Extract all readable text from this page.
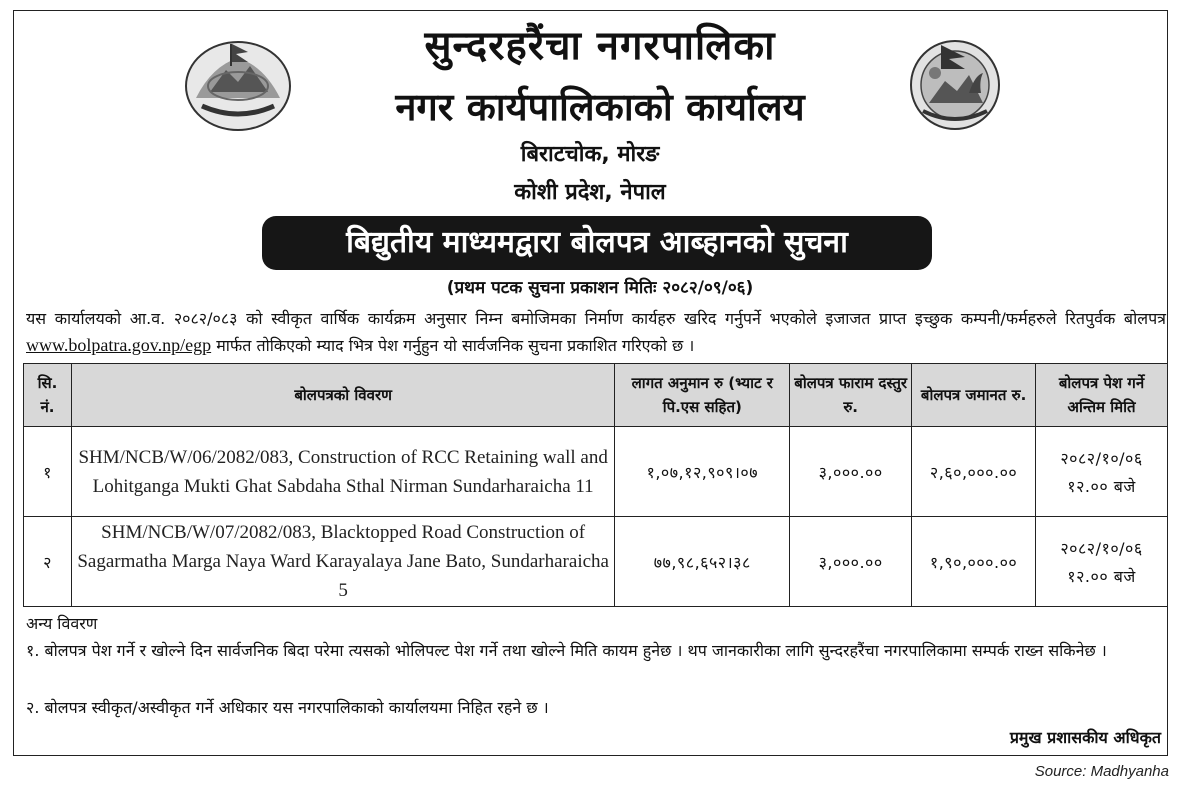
सुन्दरहरैंचा नगरपालिका
नगर कार्यपालिकाको कार्यालय
बिराटचोक, मोरङ
कोशी प्रदेश, नेपाल
बिद्युतीय माध्यमद्वारा बोलपत्र आब्हानको सुचना
(प्रथम पटक सुचना प्रकाशन मितिः २०८२/०९/०६)
यस कार्यालयको आ.व. २०८२/०८३ को स्वीकृत वार्षिक कार्यक्रम अनुसार निम्न बमोजिमका निर्माण कार्यहरु खरिद गर्नुपर्ने भएकोले इजाजत प्राप्त इच्छुक कम्पनी/फर्महरुले रितपुर्वक बोलपत्र www.bolpatra.gov.np/egp मार्फत तोकिएको म्याद भित्र पेश गर्नुहुन यो सार्वजनिक सुचना प्रकाशित गरिएको छ ।
सि. नं.	बोलपत्रको विवरण	लागत अनुमान रु (भ्याट र पि.एस सहित)	बोलपत्र फाराम दस्तुर रु.	बोलपत्र जमानत रु.	बोलपत्र पेश गर्ने अन्तिम मिति
१	SHM/NCB/W/06/2082/083, Construction of RCC Retaining wall and Lohitganga Mukti Ghat Sabdaha Sthal Nirman Sundarharaicha 11	१,०७,१२,९०९।०७	३,०००.००	२,६०,०००.००	२०८२/१०/०६
१२.०० बजे

२	SHM/NCB/W/07/2082/083, Blacktopped Road Construction of Sagarmatha Marga Naya Ward Karayalaya Jane Bato, Sundarharaicha 5	७७,९८,६५२।३८	३,०००.००	१,९०,०००.००	२०८२/१०/०६
१२.०० बजे
अन्य विवरण
१. बोलपत्र पेश गर्ने र खोल्ने दिन सार्वजनिक बिदा परेमा त्यसको भोलिपल्ट पेश गर्ने तथा खोल्ने मिति कायम हुनेछ । थप जानकारीका लागि सुन्दरहरैंचा नगरपालिकामा सम्पर्क राख्न सकिनेछ ।
२. बोलपत्र स्वीकृत/अस्वीकृत गर्ने अधिकार यस नगरपालिकाको कार्यालयमा निहित रहने छ ।
प्रमुख प्रशासकीय अधिकृत
Source: Madhyanha
